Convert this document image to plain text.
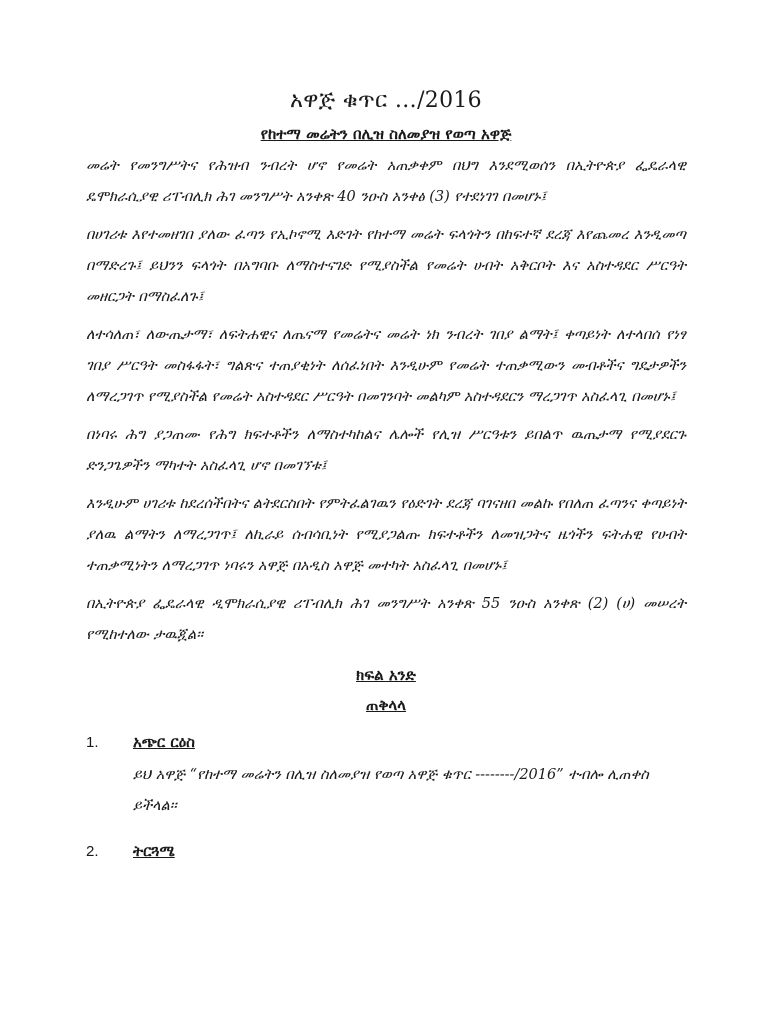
አዋጅ ቁጥር …/2016
የከተማ መሬትን በሊዝ ስለመያዝ የወጣ አዋጅ

መሬት የመንግሥትና የሕዝብ ንብረት ሆኖ የመሬት አጠቃቀም በህግ እንደሚወሰን በኢትዮጵያ ፌዴራላዊ ዴሞክራሲያዊ ሪፐብሊክ ሕገ መንግሥት አንቀጽ 40 ንዑስ አንቀፅ (3) የተደነገገ በመሆኑ፤

በሀገሪቱ እየተመዘገበ ያለው ፈጣን የኢኮኖሚ እድገት የከተማ መሬት ፍላጎትን በከፍተኛ ደረጃ እየጨመረ እንዲመጣ በማድረጉ፤ ይህንን ፍላጎት በአግባቡ ለማስተናገድ የሚያስችል የመሬት ሀብት አቅርቦት እና አስተዳደር ሥርዓት መዘርጋት በማስፈለጉ፤

ለተሳለጠ፣ ለውጤታማ፣ ለፍትሐዊና ለጤናማ የመሬትና መሬት ነክ ንብረት ገበያ ልማት፤ ቀጣይነት ለተላበሰ የነፃ ገበያ ሥርዓት መስፋፋት፣ ግልጽና ተጠያቂነት ለሰፈነበት እንዲሁም የመሬት ተጠቃሚውን መብቶችና ግዴታዎችን ለማረጋገጥ የሚያስችል የመሬት አስተዳደር ሥርዓት በመገንባት መልካም አስተዳደርን ማረጋገጥ አስፈላጊ በመሆኑ፤

በነባሩ ሕግ ያጋጠሙ የሕግ ክፍተቶችን ለማስተካከልና ሌሎች የሊዝ ሥርዓቱን ይበልጥ ዉጤታማ የሚያደርጉ ድንጋጌዎችን ማካተት አስፈላጊ ሆኖ በመገኘቱ፤

እንዲሁም ሀገሪቱ ከደረሰችበትና ልትደርስበት የምትፈልገዉን የዕድገት ደረጃ ባገናዘበ መልኩ የበለጠ ፈጣንና ቀጣይነት ያለዉ ልማትን ለማረጋገጥ፤ ለኪራይ ሰብሳቢነት የሚያጋልጡ ክፍተቶችን ለመዝጋትና ዜጎችን ፍትሐዊ የሀብት ተጠቃሚነትን ለማረጋገጥ ነባሩን አዋጅ በአዲስ አዋጅ መተካት አስፈላጊ በመሆኑ፤

በኢትዮጵያ ፌዴራላዊ ዲሞክራሲያዊ ሪፐብሊክ ሕገ መንግሥት አንቀጽ 55 ንዑስ አንቀጽ (2) (ሀ) መሠረት የሚከተለው ታዉጇል፡፡

ክፍል አንድ
ጠቅላላ
1.	አጭር ርዕስ
ይህ አዋጅ “የከተማ መሬትን በሊዝ ስለመያዝ የወጣ አዋጅ ቁጥር --------/2016” ተብሎ ሊጠቀስ ይችላል፡፡
2.	ትርጓሜ
